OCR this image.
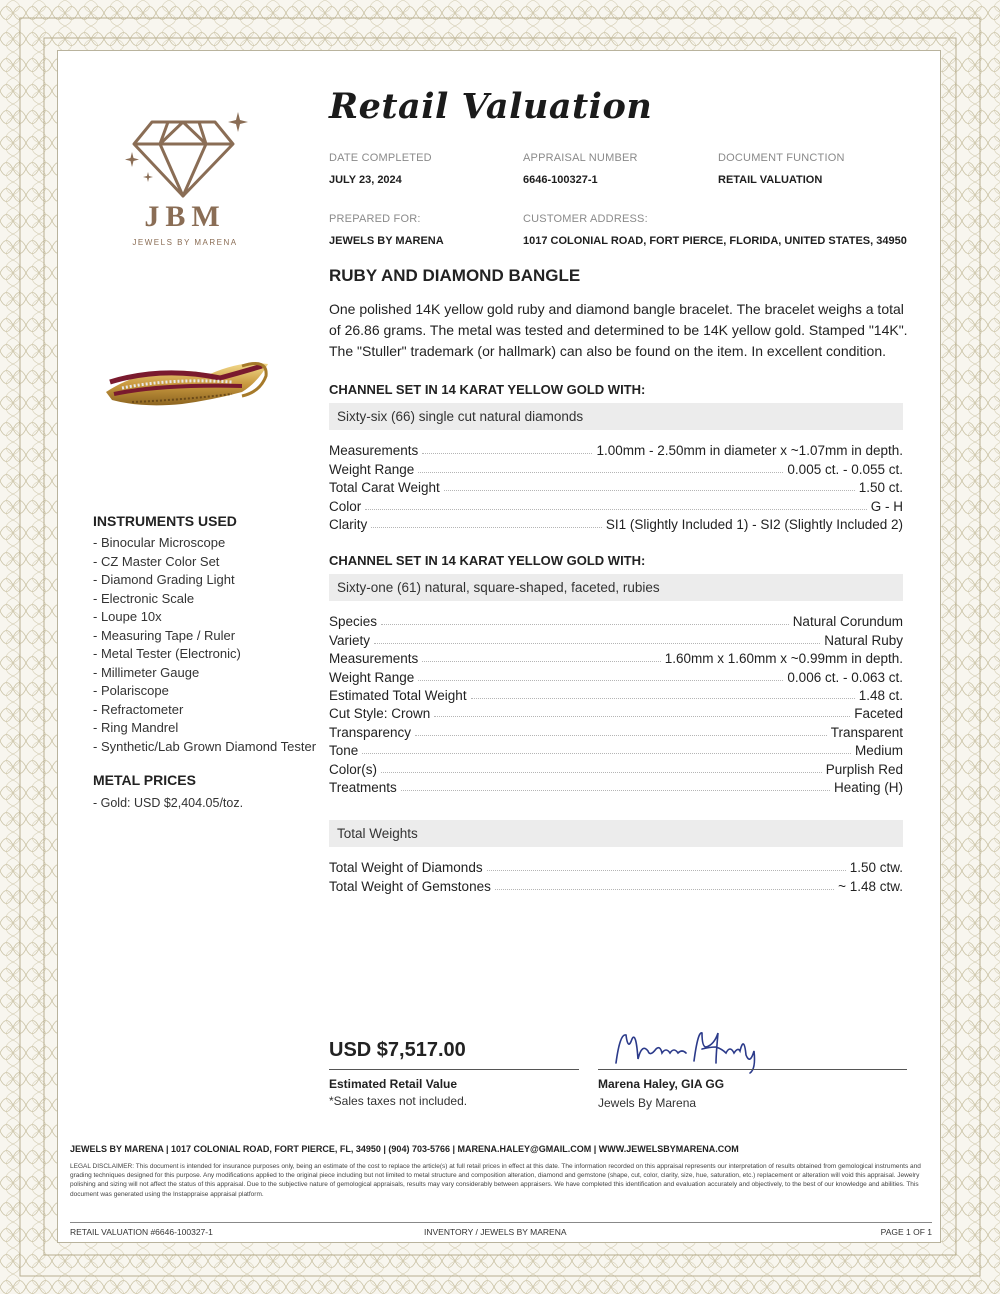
JBM
JEWELS BY MARENA
Retail Valuation
DATE COMPLETED
JULY 23, 2024
APPRAISAL NUMBER
6646-100327-1
DOCUMENT FUNCTION
RETAIL VALUATION
PREPARED FOR:
JEWELS BY MARENA
CUSTOMER ADDRESS:
1017 COLONIAL ROAD, FORT PIERCE, FLORIDA, UNITED STATES, 34950
RUBY AND DIAMOND BANGLE
One polished 14K yellow gold ruby and diamond bangle bracelet. The bracelet weighs a total of 26.86 grams. The metal was tested and determined to be 14K yellow gold. Stamped "14K". The "Stuller" trademark (or hallmark) can also be found on the item. In excellent condition.
CHANNEL SET IN 14 KARAT YELLOW GOLD WITH:
Sixty-six (66) single cut natural diamonds
Measurements	1.00mm - 2.50mm in diameter x ~1.07mm in depth.
Weight Range	0.005 ct. - 0.055 ct.
Total Carat Weight	1.50 ct.
Color	G - H
Clarity	SI1 (Slightly Included 1) - SI2 (Slightly Included 2)
CHANNEL SET IN 14 KARAT YELLOW GOLD WITH:
Sixty-one (61) natural, square-shaped, faceted, rubies
Species	Natural Corundum
Variety	Natural Ruby
Measurements	1.60mm x 1.60mm x ~0.99mm in depth.
Weight Range	0.006 ct. - 0.063 ct.
Estimated Total Weight	1.48 ct.
Cut Style: Crown	Faceted
Transparency	Transparent
Tone	Medium
Color(s)	Purplish Red
Treatments	Heating (H)
Total Weights
Total Weight of Diamonds	1.50 ctw.
Total Weight of Gemstones	~ 1.48 ctw.
INSTRUMENTS USED
- Binocular Microscope
- CZ Master Color Set
- Diamond Grading Light
- Electronic Scale
- Loupe 10x
- Measuring Tape / Ruler
- Metal Tester (Electronic)
- Millimeter Gauge
- Polariscope
- Refractometer
- Ring Mandrel
- Synthetic/Lab Grown Diamond Tester
METAL PRICES
- Gold: USD $2,404.05/toz.
USD $7,517.00
Estimated Retail Value
*Sales taxes not included.
Marena Haley, GIA GG
Jewels By Marena
JEWELS BY MARENA | 1017 COLONIAL ROAD, FORT PIERCE, FL, 34950 | (904) 703-5766 | MARENA.HALEY@GMAIL.COM | WWW.JEWELSBYMARENA.COM
LEGAL DISCLAIMER: This document is intended for insurance purposes only, being an estimate of the cost to replace the article(s) at full retail prices in effect at this date. The information recorded on this appraisal represents our interpretation of results obtained from gemological instruments and grading techniques designed for this purpose. Any modifications applied to the original piece including but not limited to metal structure and composition alteration, diamond and gemstone (shape, cut, color, clarity, size, hue, saturation, etc.) replacement or alteration will void this appraisal. Jewelry polishing and sizing will not affect the status of this appraisal. Due to the subjective nature of gemological appraisals, results may vary considerably between appraisers. We have completed this identification and evaluation accurately and objectively, to the best of our knowledge and abilities. This document was generated using the Instappraise appraisal platform.
RETAIL VALUATION #6646-100327-1	INVENTORY / JEWELS BY MARENA	PAGE 1 OF 1
